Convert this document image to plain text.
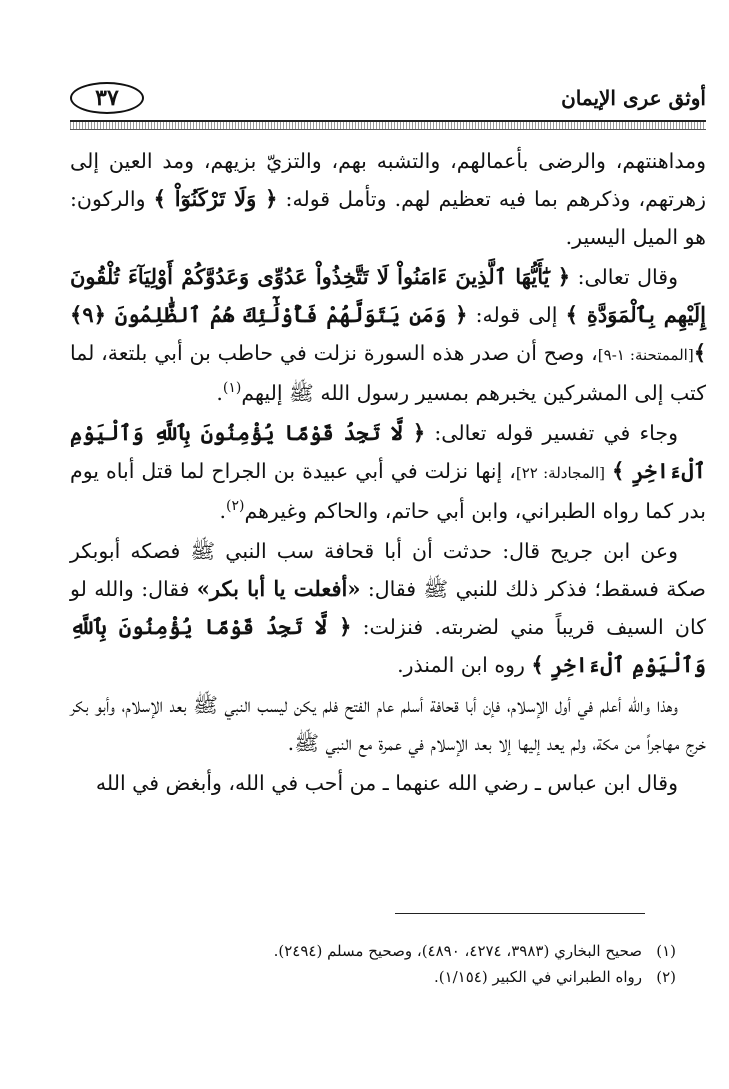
٣٧	أوثق عرى الإيمان

ومداهنتهم، والرضى بأعمالهم، والتشبه بهم، والتزيّ بزيهم، ومد العين إلى زهرتهم، وذكرهم بما فيه تعظيم لهم. وتأمل قوله: ﴿ وَلَا تَرْكَنُوٓاْ ﴾ والركون: هو الميل اليسير.

وقال تعالى: ﴿ يَٰٓأَيُّهَا ٱلَّذِينَ ءَامَنُواْ لَا تَتَّخِذُواْ عَدُوِّى وَعَدُوَّكُمْ أَوْلِيَآءَ تُلْقُونَ إِلَيْهِم بِٱلْمَوَدَّةِ ﴾ إلى قوله: ﴿ وَمَن يَتَوَلَّهُمْ فَأُوْلَٰٓئِكَ هُمُ ٱلظَّٰلِمُونَ ﴿٩﴾ ﴾[الممتحنة: ١-٩]، وصح أن صدر هذه السورة نزلت في حاطب بن أبي بلتعة، لما كتب إلى المشركين يخبرهم بمسير رسول الله ﷺ إليهم$^{(١)}$.

وجاء في تفسير قوله تعالى: ﴿ لَّا تَجِدُ قَوْمًا يُؤْمِنُونَ بِٱللَّهِ وَٱلْيَوْمِ ٱلْءَاخِرِ ﴾ [المجادلة: ٢٢]، إنها نزلت في أبي عبيدة بن الجراح لما قتل أباه يوم بدر كما رواه الطبراني، وابن أبي حاتم، والحاكم وغيرهم$^{(٢)}$.

وعن ابن جريح قال: حدثت أن أبا قحافة سب النبي ﷺ فصكه أبوبكر صكة فسقط؛ فذكر ذلك للنبي ﷺ فقال: «أفعلت يا أبا بكر» فقال: والله لو كان السيف قريباً مني لضربته. فنزلت: ﴿ لَّا تَجِدُ قَوْمًا يُؤْمِنُونَ بِٱللَّهِ وَٱلْيَوْمِ ٱلْءَاخِرِ ﴾ روه ابن المنذر.

وهذا والله أعلم في أول الإسلام، فإن أبا قحافة أسلم عام الفتح فلم يكن ليسب النبي ﷺ بعد الإسلام، وأبو بكر خرج مهاجراً من مكة، ولم يعد إليها إلا بعد الإسلام في عمرة مع النبي ﷺ.

وقال ابن عباس ـ رضي الله عنهما ـ من أحب في الله، وأبغض في الله

(١)صحيح البخاري (٣٩٨٣، ٤٢٧٤، ٤٨٩٠)، وصحيح مسلم (٢٤٩٤).
(٢)رواه الطبراني في الكبير (١/١٥٤).
